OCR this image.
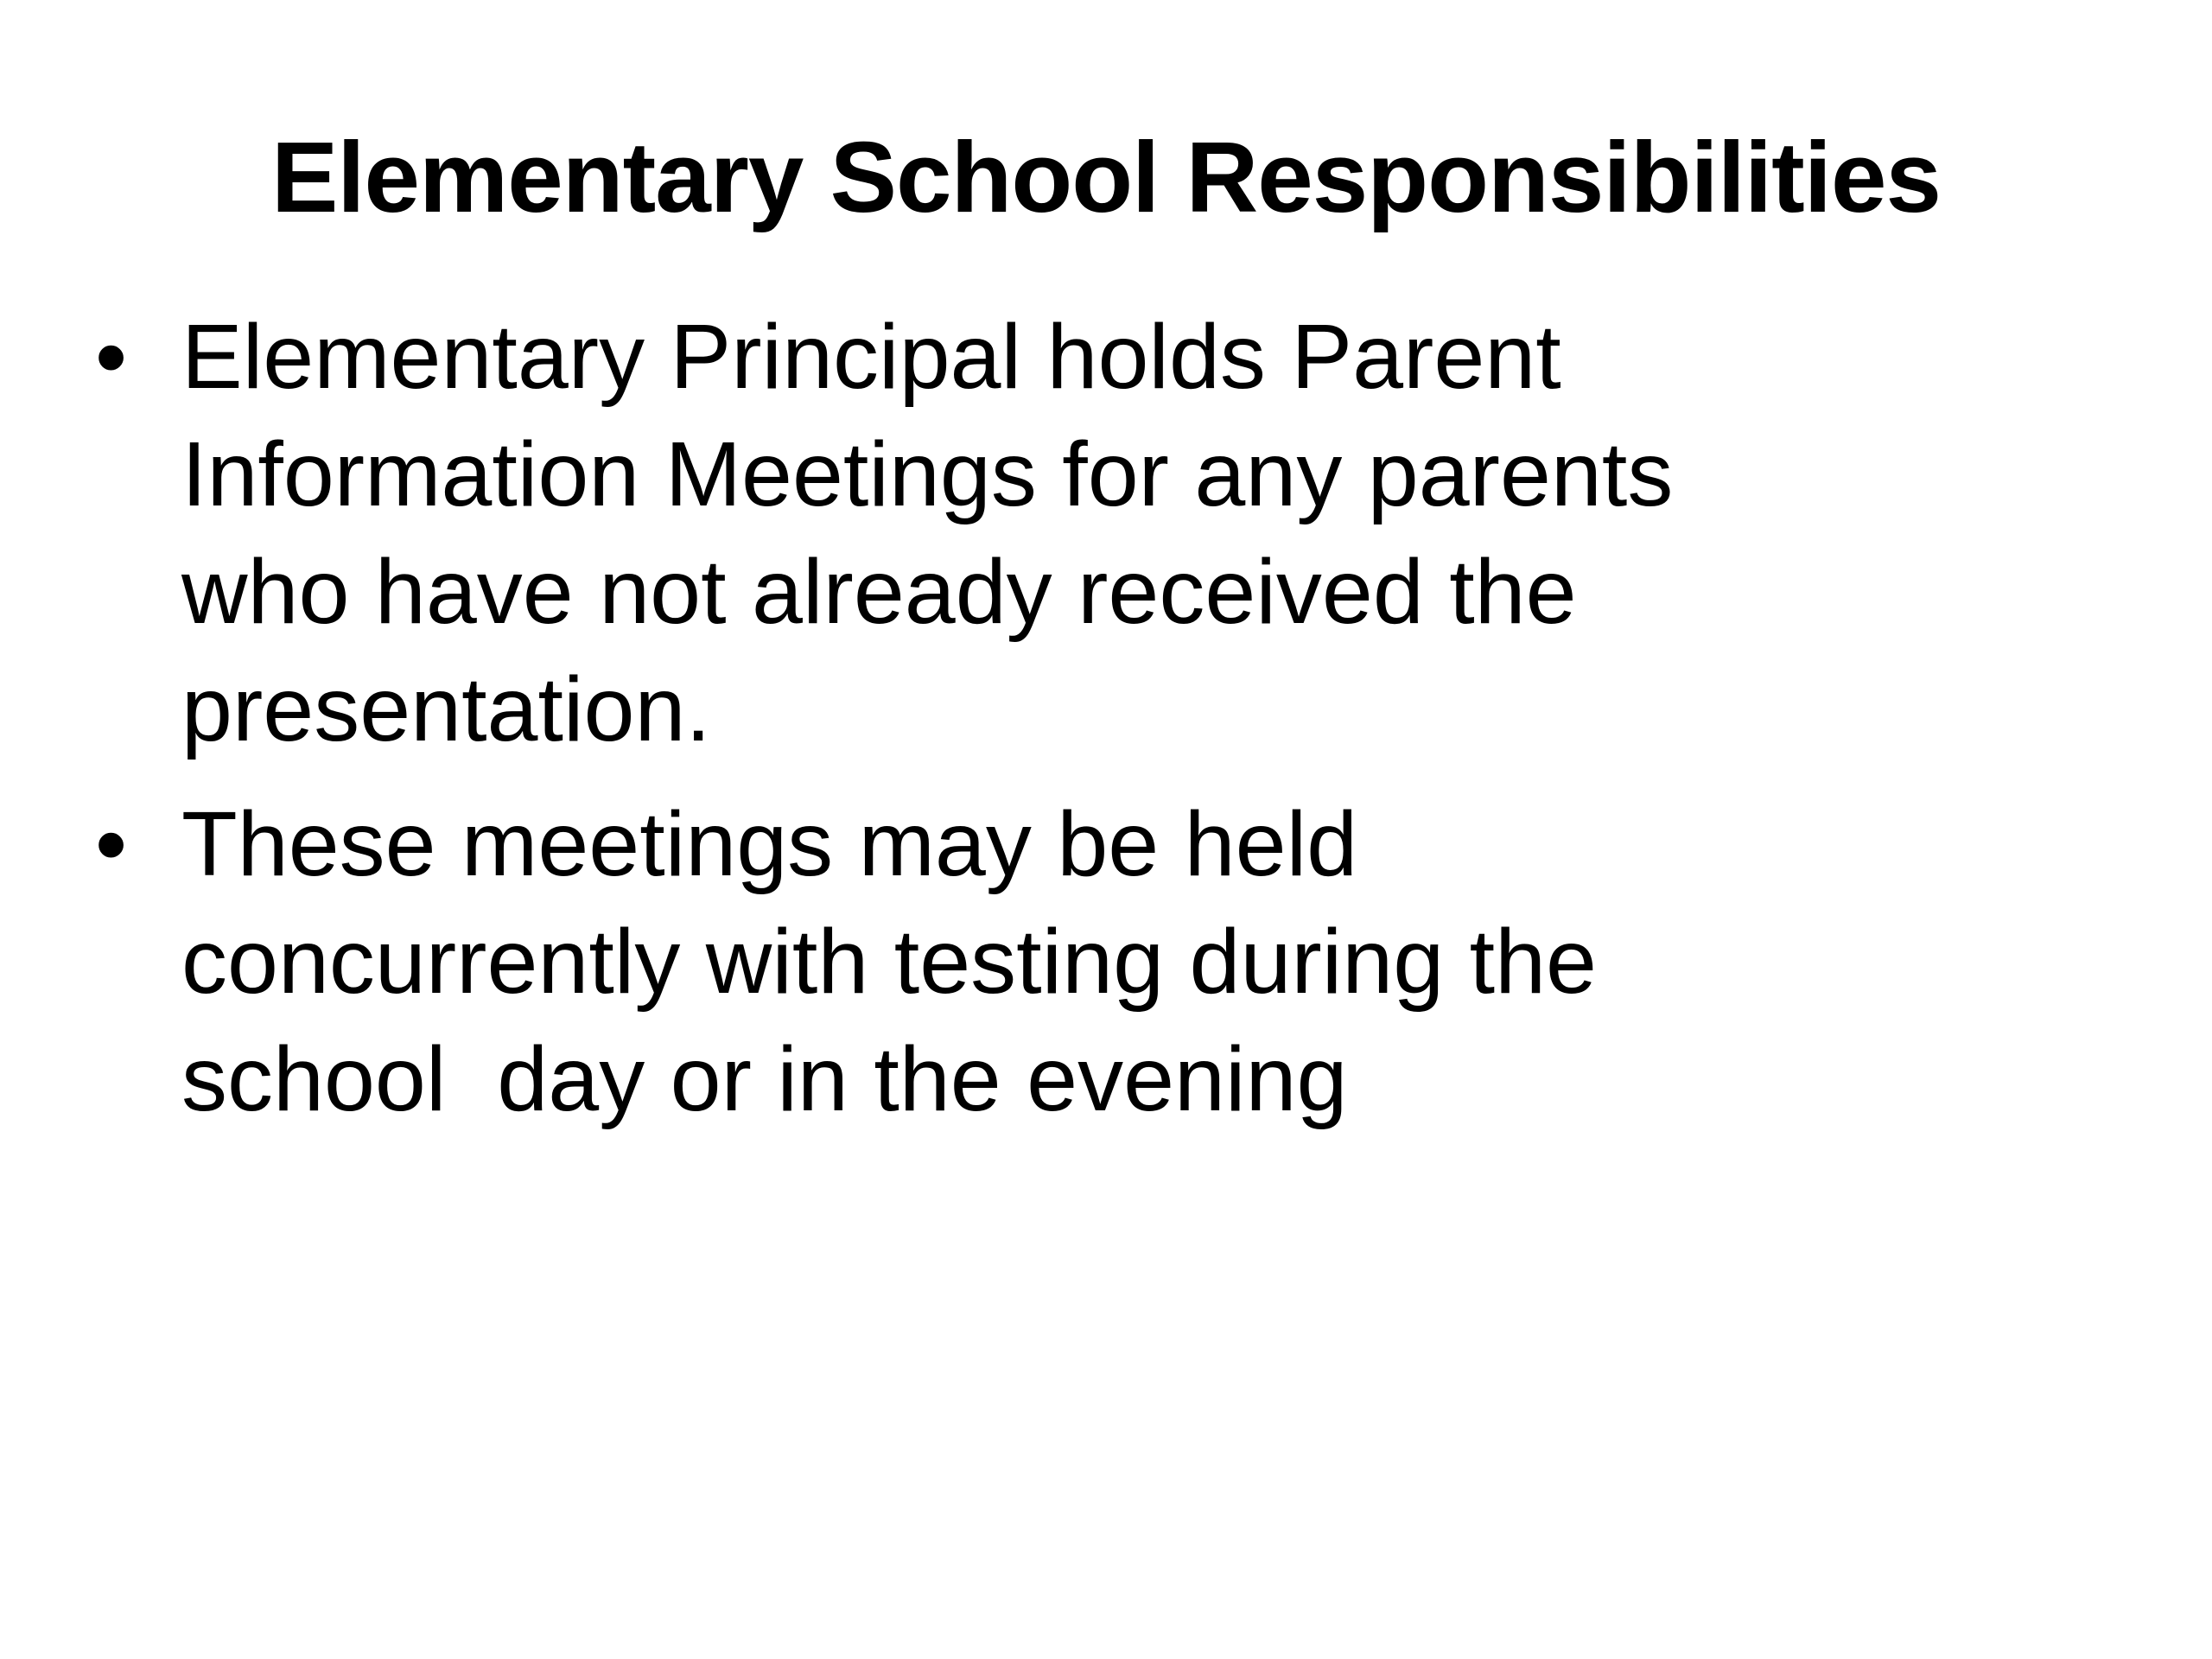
Elementary School Responsibilities
• Elementary Principal holds Parent
Information Meetings for any parents
who have not already received the
presentation.
• These meetings may be held
concurrently with testing during the
school  day or in the evening
